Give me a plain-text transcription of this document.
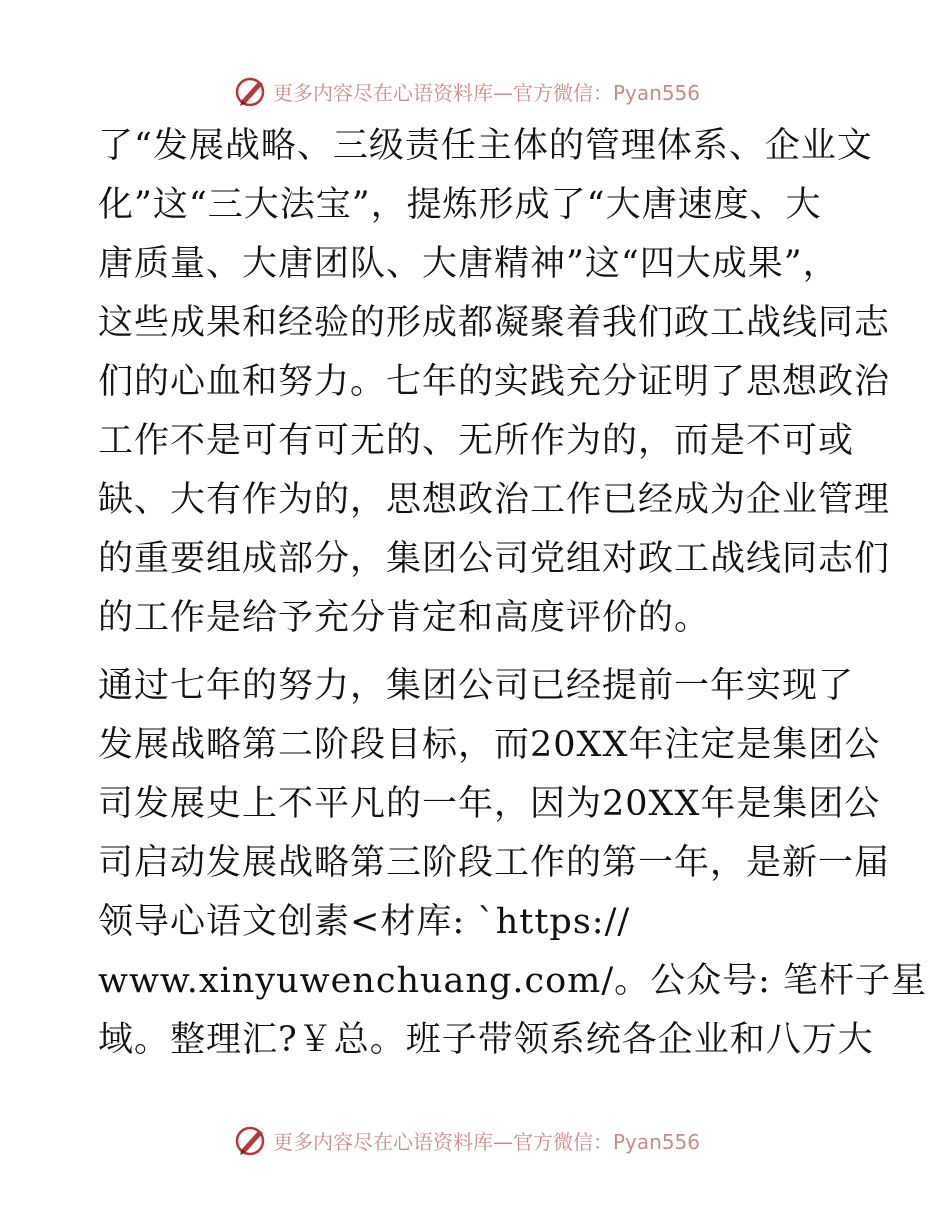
更多内容尽在心语资料库—官方微信：Pyan556
了“发展战略、三级责任主体的管理体系、企业文
化”这“三大法宝”，提炼形成了“大唐速度、大
唐质量、大唐团队、大唐精神”这“四大成果”，
这些成果和经验的形成都凝聚着我们政工战线同志
们的心血和努力。七年的实践充分证明了思想政治
工作不是可有可无的、无所作为的，而是不可或
缺、大有作为的，思想政治工作已经成为企业管理
的重要组成部分，集团公司党组对政工战线同志们
的工作是给予充分肯定和高度评价的。
通过七年的努力，集团公司已经提前一年实现了
发展战略第二阶段目标，而20XX年注定是集团公
司发展史上不平凡的一年，因为20XX年是集团公
司启动发展战略第三阶段工作的第一年，是新一届
领导心语文创素<材库: `https://
www.xinyuwenchuang.com/。公众号: 笔杆子星
域。整理汇?￥总。班子带领系统各企业和八万大
更多内容尽在心语资料库—官方微信：Pyan556
